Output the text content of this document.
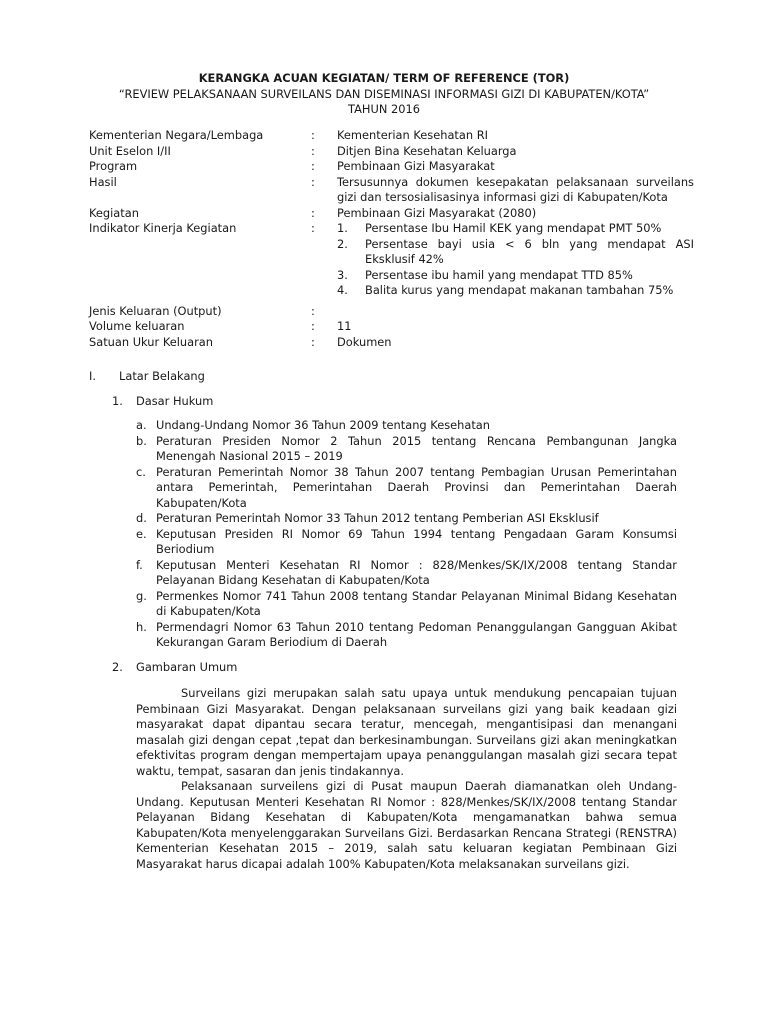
KERANGKA ACUAN KEGIATAN/ TERM OF REFERENCE (TOR)
“REVIEW PELAKSANAAN SURVEILANS DAN DISEMINASI INFORMASI GIZI DI KABUPATEN/KOTA”
TAHUN 2016
Kementerian Negara/Lembaga	:	Kementerian Kesehatan RI
Unit Eselon I/II	:	Ditjen Bina Kesehatan Keluarga
Program	:	Pembinaan Gizi Masyarakat
Hasil	:	Tersusunnya dokumen kesepakatan pelaksanaan surveilans gizi dan tersosialisasinya informasi gizi di Kabupaten/Kota
Kegiatan	:	Pembinaan Gizi Masyarakat (2080)
Indikator Kinerja Kegiatan	:	1.	Persentase Ibu Hamil KEK yang mendapat PMT 50%
2.	Persentase bayi usia < 6 bln yang mendapat ASI Eksklusif 42%
3.	Persentase ibu hamil yang mendapat TTD 85%
4.	Balita kurus yang mendapat makanan tambahan 75%
Jenis Keluaran (Output)	:
Volume keluaran	:	11
Satuan Ukur Keluaran	:	Dokumen
I. Latar Belakang
1. Dasar Hukum
a. Undang-Undang Nomor 36 Tahun 2009 tentang Kesehatan
b. Peraturan Presiden Nomor 2 Tahun 2015 tentang Rencana Pembangunan Jangka Menengah Nasional 2015 – 2019
c. Peraturan Pemerintah Nomor 38 Tahun 2007 tentang Pembagian Urusan Pemerintahan antara Pemerintah, Pemerintahan Daerah Provinsi dan Pemerintahan Daerah Kabupaten/Kota
d. Peraturan Pemerintah Nomor 33 Tahun 2012 tentang Pemberian ASI Eksklusif
e. Keputusan Presiden RI Nomor 69 Tahun 1994 tentang Pengadaan Garam Konsumsi Beriodium
f.	Keputusan Menteri Kesehatan RI Nomor : 828/Menkes/SK/IX/2008 tentang Standar Pelayanan Bidang Kesehatan di Kabupaten/Kota
g. Permenkes Nomor 741 Tahun 2008 tentang Standar Pelayanan Minimal Bidang Kesehatan di Kabupaten/Kota
h. Permendagri Nomor 63 Tahun 2010 tentang Pedoman Penanggulangan Gangguan Akibat Kekurangan Garam Beriodium di Daerah
2. Gambaran Umum

Surveilans gizi merupakan salah satu upaya untuk mendukung pencapaian tujuan Pembinaan Gizi Masyarakat. Dengan pelaksanaan surveilans gizi yang baik keadaan gizi masyarakat dapat dipantau secara teratur, mencegah, mengantisipasi dan menangani masalah gizi dengan cepat ,tepat dan berkesinambungan. Surveilans gizi akan meningkatkan efektivitas program dengan mempertajam upaya penanggulangan masalah gizi secara tepat waktu, tempat, sasaran dan jenis tindakannya.

Pelaksanaan surveilens gizi di Pusat maupun Daerah diamanatkan oleh Undang-Undang. Keputusan Menteri Kesehatan RI Nomor : 828/Menkes/SK/IX/2008 tentang Standar Pelayanan Bidang Kesehatan di Kabupaten/Kota mengamanatkan bahwa semua Kabupaten/Kota menyelenggarakan Surveilans Gizi. Berdasarkan Rencana Strategi (RENSTRA) Kementerian Kesehatan 2015 – 2019, salah satu keluaran kegiatan Pembinaan Gizi Masyarakat harus dicapai adalah 100% Kabupaten/Kota melaksanakan surveilans gizi.
